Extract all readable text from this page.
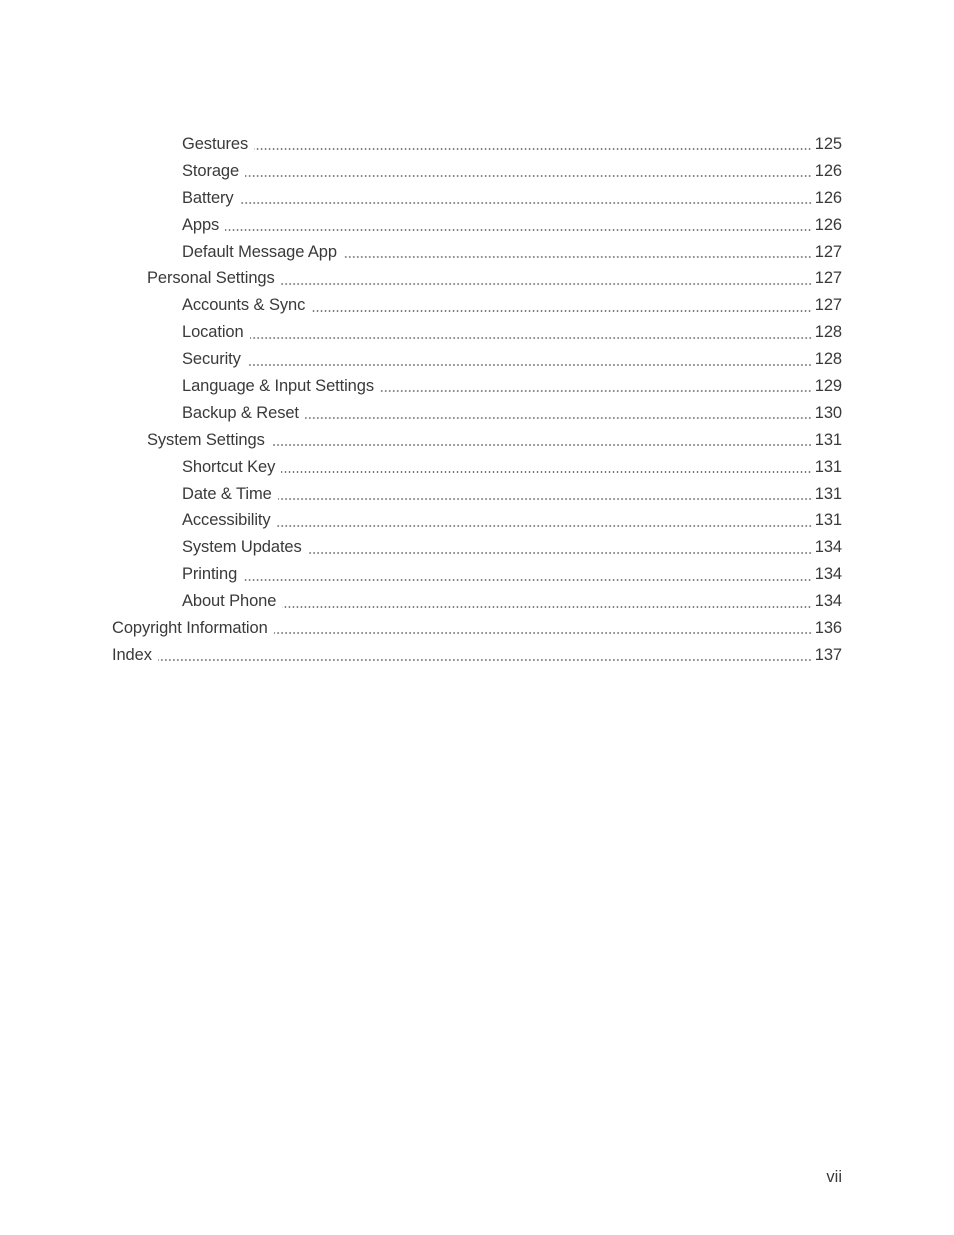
Gestures	125
Storage	126
Battery	126
Apps	126
Default Message App	127
Personal Settings	127
Accounts & Sync	127
Location	128
Security	128
Language & Input Settings	129
Backup & Reset	130
System Settings	131
Shortcut Key	131
Date & Time	131
Accessibility	131
System Updates	134
Printing	134
About Phone	134
Copyright Information	136
Index	137
vii
